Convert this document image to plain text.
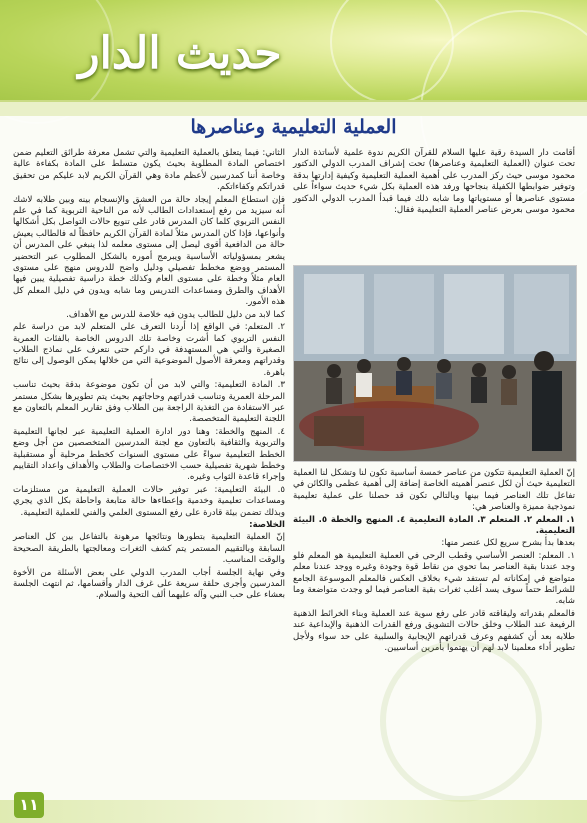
حديث الدار
العملية التعليمية وعناصرها

أقامت دار السيدة رقية عليها السلام للقرآن الكريم ندوة علمية لأساتذة الدار تحت عنوان (العملية التعليمية وعناصرها) تحت إشراف المدرب الدولي الدكتور محمود موسى حيث ركز المدرب على أهمية العملية التعليمية وكيفية إدارتها بدقة وتوفير ضوابطها الكفيلة بنجاحها ورفد هذه العملية بكل شيء حديث سواءاً على مستوى عناصرها أو مستوياتها وما شابه ذلك فيما قبدأ المدرب الدولي الدكتور محمود موسى بعرض عناصر العملية التعليمية فقال:

إنّ العملية التعليمية تتكون من عناصر خمسة أساسية تكون لنا وتشكل لنا العملية التعليمية حيث أن لكل عنصر أهميته الخاصة إضافة إلى أهمية عظمى والكائن في تفاعل تلك العناصر فيما بينها وبالتالي تكون قد حصلنا على عملية تعليمية نموذجية مميزة والعناصر هي:

١. المعلم ٢. المتعلم ٣. المادة التعليمية ٤. المنهج والخطة ٥. البيئة التعليمية.

بعدها بدأ بشرح سريع لكل عنصر منها:

١. المعلم: العنصر الأساسي وقطب الرحى في العملية التعليمية هو المعلم فلو وجد عندنا بقية العناصر بما تحوي من نقاط قوة وجودة وغيره ووجد عندنا معلم متواضع في إمكاناته لم تستفد شيء بخلاف العكس فالمعلم الموسوعة الجامع للشرائط حتماً سوف يسد أغلب ثغرات بقية العناصر فيما لو وجدت متواضعة وما شابه.

فالمعلم بقدراته وليقاقته قادر على رفع سوية عند العملية وبناء الخرائط الذهنية الرفيعة عند الطلاب وخلق حالات التشويق ورفع القدرات الذهنية والإبداعية عند طلابه بعد أن كشفهم وعرف قدراتهم الإيجابية والسلبية على حد سواء ولأجل تطوير أداء معلمينا لابد لهم أن يهتموا بأمرين أساسيين.

الثاني: فيما يتعلق بالعملية التعليمية والتي تشمل معرفة طرائق التعليم ضمن اختصاص المادة المطلوبة بحيث يكون متسلط على المادة بكفاءة عالية وخاصة أننا كمدرسين لأعظم مادة وهي القرآن الكريم لابد عليكم من تحقيق قدراتكم وكفاءاتكم.

فإن استطاع المعلم إيجاد حالة من العشق والإنسجام بينه وبين طلابه لاشك أنه سيزيد من رفع إستعدادات الطالب لأنه من الناحية التربوية كما في علم النفس التربوي كلما كان المدرس قادر على تنويع حالات التواصل بكل أشكالها وأنواعها، فإذا كان المدرس مثلاً لمادة القرآن الكريم حافظاً له فالطالب يعيش حالة من الدافعية أقوى ليصل إلى مستوى معلمه لذا ينبغي على المدرس أن يشعر بمسؤولياته الأساسية ويبرمج أموره بالشكل المطلوب عبر التحضير المستمر ووضع مخطط تفصيلي ودليل واضح للدروس منهج على مستوى العام مثلاً وخطة على مستوى العام وكذلك خطة دراسية تفصيلية يبين فيها الأهداف والطرق ومساعدات التدريس وما شابه ويدون في دليل المعلم كل هذه الأمور.

كما لابد من دليل للطالب يدون فيه خلاصة للدرس مع الأهداف.

٢. المتعلم: في الواقع إذا أردنا التعرف على المتعلم لابد من دراسة علم النفس التربوي كما أشرت وخاصة تلك الدروس الخاصة بالفئات العمرية الصغيرة والتي هي المستهدفة في داركم حتى نتعرف على نماذج الطلاب وقدراتهم ومعرفة الأصول الموضوعية التي من خلالها يمكن الوصول إلى نتائج باهرة.

٣. المادة التعليمية: والتي لابد من أن تكون موضوعة بدقة بحيث تناسب المرحلة العمرية وتناسب قدراتهم وحاجاتهم بحيث يتم تطويرها بشكل مستمر عبر الاستفادة من التغذية الراجعة بين الطلاب وفق تقارير المعلم بالتعاون مع اللجنة التعليمية المتخصصة.

٤. المنهج والخطة: وهنا دور ادارة العملية التعليمية عبر لجانها التعليمية والتربوية والثقافية بالتعاون مع لجنة المدرسين المتخصصين من أجل وضع الخطط التعليمية سواءً على مستوى السنوات كخطط مرحلية أو مستقبلية وخطط شهرية تفصيلية حسب الاختصاصات والطلاب والأهداف واعداد التقاييم وإجراء قاعدة الثواب وغيره.

٥. البيئة التعليمية: عبر توفير حالات العملية التعليمية من مستلزمات ومساعدات تعليمية وخدمية وإعطاءها حالة متابعة واحاطة بكل الذي يجري وبذلك تضمن بيئة قادرة على رفع المستوى العلمي والفني للعملية التعليمية.

الخلاصة:

إنّ العملية التعليمية بتطورها ونتائجها مرهونة بالتفاعل بين كل العناصر السابقة وبالتقييم المستمر يتم كشف الثغرات ومعالجتها بالطريقة الصحيحة والوقت المناسب.

وفي نهاية الجلسة أجاب المدرب الدولي على بعض الأسئلة من الأخوة المدرسين وأجرى حلقة سريعة على غرف الدار وأقسامها، ثم انتهت الجلسة بعشاء على حب النبي وآله عليهما ألف التحية والسلام.

١١
